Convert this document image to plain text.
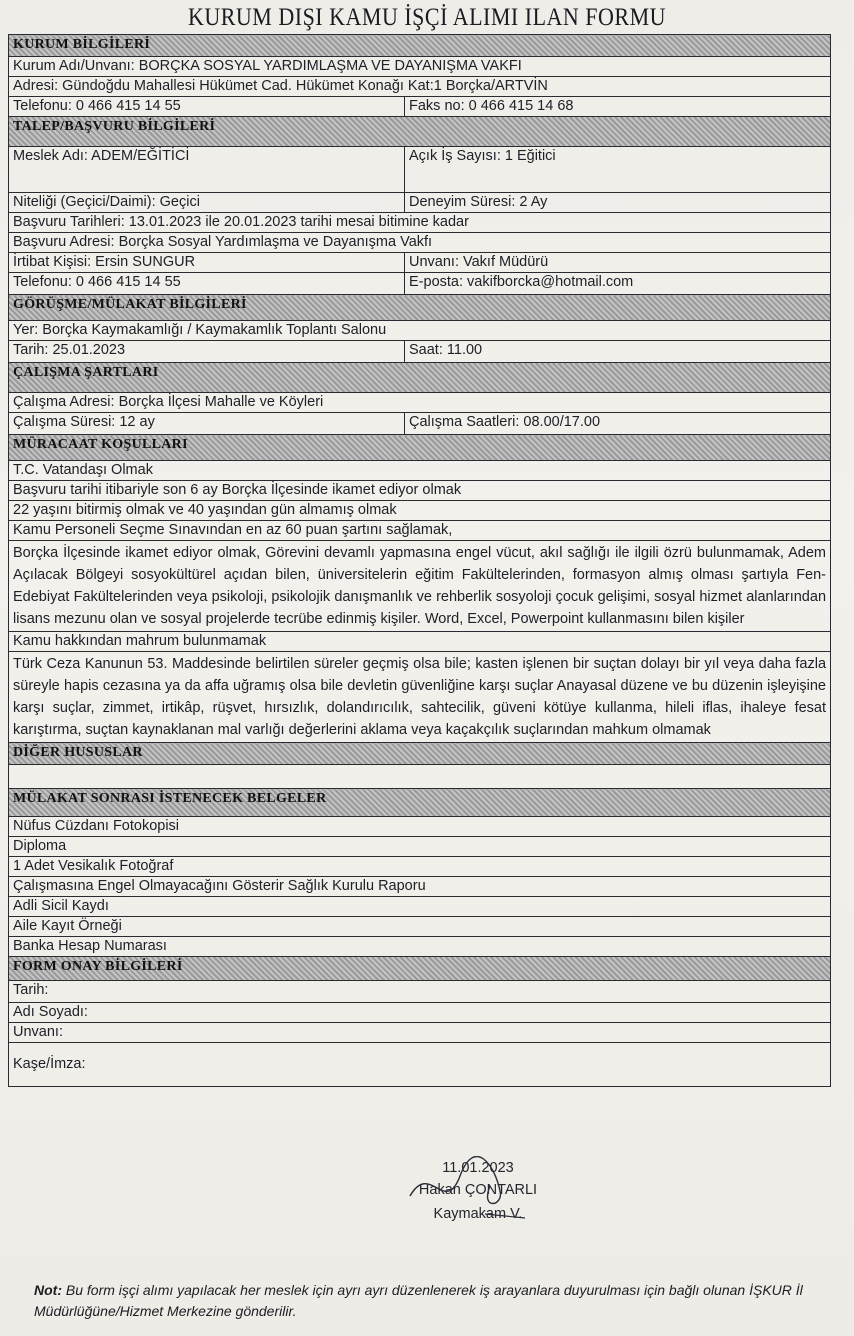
KURUM DIŞI KAMU İŞÇİ ALIMI ILAN FORMU
KURUM BİLGİLERİ	
Kurum Adı/Unvanı: BORÇKA SOSYAL YARDIMLAŞMA VE DAYANIŞMA VAKFI	
Adresi: Gündoğdu Mahallesi Hükümet Cad. Hükümet Konağı Kat:1 Borçka/ARTVİN	
Telefonu: 0 466 415 14 55	Faks no: 0 466 415 14 68
TALEP/BAŞVURU BİLGİLERİ	
Meslek Adı: ADEM/EĞİTİCİ	Açık İş Sayısı: 1 Eğitici
Niteliği (Geçici/Daimi): Geçici	Deneyim Süresi: 2 Ay
Başvuru Tarihleri: 13.01.2023 ile 20.01.2023 tarihi mesai bitimine kadar	
Başvuru Adresi: Borçka Sosyal Yardımlaşma ve Dayanışma Vakfı	
İrtibat Kişisi: Ersin SUNGUR	Unvanı: Vakıf Müdürü
Telefonu: 0 466 415 14 55	E-posta: vakifborcka@hotmail.com
GÖRÜŞME/MÜLAKAT BİLGİLERİ	
Yer: Borçka Kaymakamlığı / Kaymakamlık Toplantı Salonu	
Tarih: 25.01.2023	Saat: 11.00
ÇALIŞMA ŞARTLARI	
Çalışma Adresi: Borçka İlçesi Mahalle ve Köyleri	
Çalışma Süresi: 12 ay	Çalışma Saatleri: 08.00/17.00
MÜRACAAT KOŞULLARI	
T.C. Vatandaşı Olmak	
Başvuru tarihi itibariyle son 6 ay Borçka İlçesinde ikamet ediyor olmak	
22 yaşını bitirmiş olmak ve 40 yaşından gün almamış olmak	
Kamu Personeli Seçme Sınavından en az 60 puan şartını sağlamak,	
Borçka İlçesinde ikamet ediyor olmak, Görevini devamlı yapmasına engel vücut, akıl sağlığı ile ilgili özrü bulunmamak, Adem Açılacak Bölgeyi sosyokültürel açıdan bilen, üniversitelerin eğitim Fakültelerinden, formasyon almış olması şartıyla Fen-Edebiyat Fakültelerinden veya psikoloji, psikolojik danışmanlık ve rehberlik sosyoloji çocuk gelişimi, sosyal hizmet alanlarından lisans mezunu olan ve sosyal projelerde tecrübe edinmiş kişiler. Word, Excel, Powerpoint kullanmasını bilen kişiler	
Kamu hakkından mahrum bulunmamak	
Türk Ceza Kanunun 53. Maddesinde belirtilen süreler geçmiş olsa bile; kasten işlenen bir suçtan dolayı bir yıl veya daha fazla süreyle hapis cezasına ya da affa uğramış olsa bile devletin güvenliğine karşı suçlar Anayasal düzene ve bu düzenin işleyişine karşı suçlar, zimmet, irtikâp, rüşvet, hırsızlık, dolandırıcılık, sahtecilik, güveni kötüye kullanma, hileli iflas, ihaleye fesat karıştırma, suçtan kaynaklanan mal varlığı değerlerini aklama veya kaçakçılık suçlarından mahkum olmamak	
DİĞER HUSUSLAR	

MÜLAKAT SONRASI İSTENECEK BELGELER	
Nüfus Cüzdanı Fotokopisi	
Diploma	
1 Adet Vesikalık Fotoğraf	
Çalışmasına Engel Olmayacağını Gösterir Sağlık Kurulu Raporu	
Adli Sicil Kaydı	
Aile Kayıt Örneği	
Banka Hesap Numarası	
FORM ONAY BİLGİLERİ	
Tarih:	
Adı Soyadı:	
Unvanı:	
Kaşe/İmza:	
11.01.2023
Hakan ÇONTARLI
Kaymakam V.
Not: Bu form işçi alımı yapılacak her meslek için ayrı ayrı düzenlenerek iş arayanlara duyurulması için bağlı olunan İŞKUR İl Müdürlüğüne/Hizmet Merkezine gönderilir.
